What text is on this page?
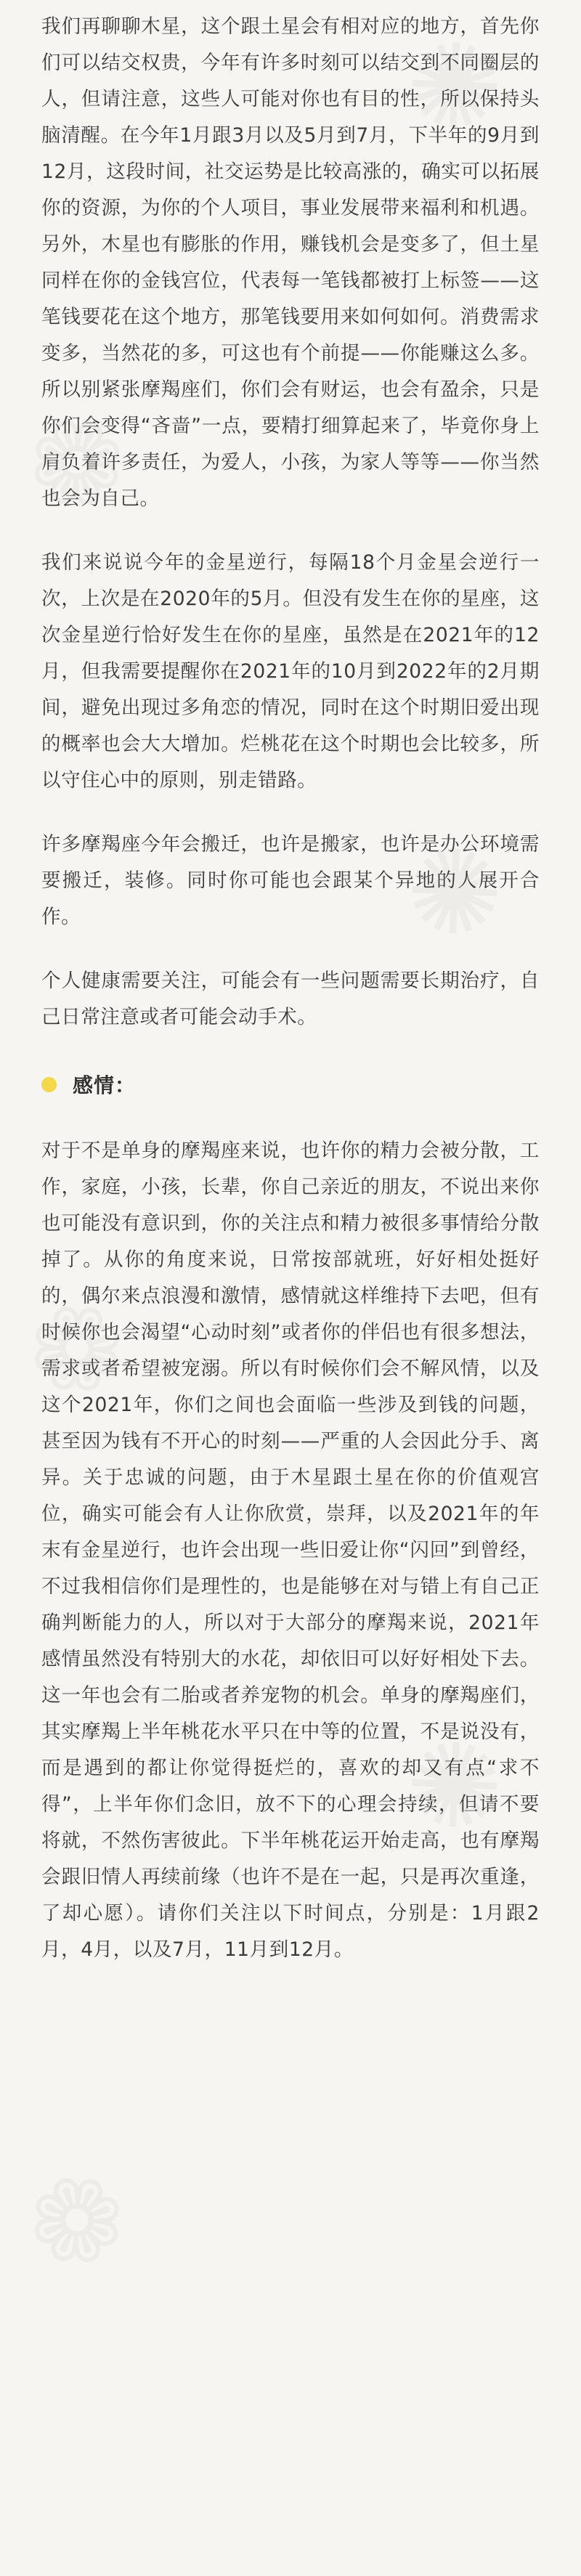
我们再聊聊木星，这个跟土星会有相对应的地方，首先你们可以结交权贵，今年有许多时刻可以结交到不同圈层的人，但请注意，这些人可能对你也有目的性，所以保持头脑清醒。在今年1月跟3月以及5月到7月，下半年的9月到12月，这段时间，社交运势是比较高涨的，确实可以拓展你的资源，为你的个人项目，事业发展带来福利和机遇。另外，木星也有膨胀的作用，赚钱机会是变多了，但土星同样在你的金钱宫位，代表每一笔钱都被打上标签——这笔钱要花在这个地方，那笔钱要用来如何如何。消费需求变多，当然花的多，可这也有个前提——你能赚这么多。所以别紧张摩羯座们，你们会有财运，也会有盈余，只是你们会变得“吝啬”一点，要精打细算起来了，毕竟你身上肩负着许多责任，为爱人，小孩，为家人等等——你当然也会为自己。

我们来说说今年的金星逆行，每隔18个月金星会逆行一次，上次是在2020年的5月。但没有发生在你的星座，这次金星逆行恰好发生在你的星座，虽然是在2021年的12月，但我需要提醒你在2021年的10月到2022年的2月期间，避免出现过多角恋的情况，同时在这个时期旧爱出现的概率也会大大增加。烂桃花在这个时期也会比较多，所以守住心中的原则，别走错路。

许多摩羯座今年会搬迁，也许是搬家，也许是办公环境需要搬迁，装修。同时你可能也会跟某个异地的人展开合作。

个人健康需要关注，可能会有一些问题需要长期治疗，自己日常注意或者可能会动手术。

感情：

对于不是单身的摩羯座来说，也许你的精力会被分散，工作，家庭，小孩，长辈，你自己亲近的朋友，不说出来你也可能没有意识到，你的关注点和精力被很多事情给分散掉了。从你的角度来说，日常按部就班，好好相处挺好的，偶尔来点浪漫和激情，感情就这样维持下去吧，但有时候你也会渴望“心动时刻”或者你的伴侣也有很多想法，需求或者希望被宠溺。所以有时候你们会不解风情，以及这个2021年，你们之间也会面临一些涉及到钱的问题，甚至因为钱有不开心的时刻——严重的人会因此分手、离异。关于忠诚的问题，由于木星跟土星在你的价值观宫位，确实可能会有人让你欣赏，崇拜，以及2021年的年末有金星逆行，也许会出现一些旧爱让你“闪回”到曾经，不过我相信你们是理性的，也是能够在对与错上有自己正确判断能力的人，所以对于大部分的摩羯来说，2021年感情虽然没有特别大的水花，却依旧可以好好相处下去。这一年也会有二胎或者养宠物的机会。单身的摩羯座们，其实摩羯上半年桃花水平只在中等的位置，不是说没有，而是遇到的都让你觉得挺烂的，喜欢的却又有点“求不得”，上半年你们念旧，放不下的心理会持续，但请不要将就，不然伤害彼此。下半年桃花运开始走高，也有摩羯会跟旧情人再续前缘（也许不是在一起，只是再次重逢，了却心愿）。请你们关注以下时间点，分别是：1月跟2月，4月，以及7月，11月到12月。
